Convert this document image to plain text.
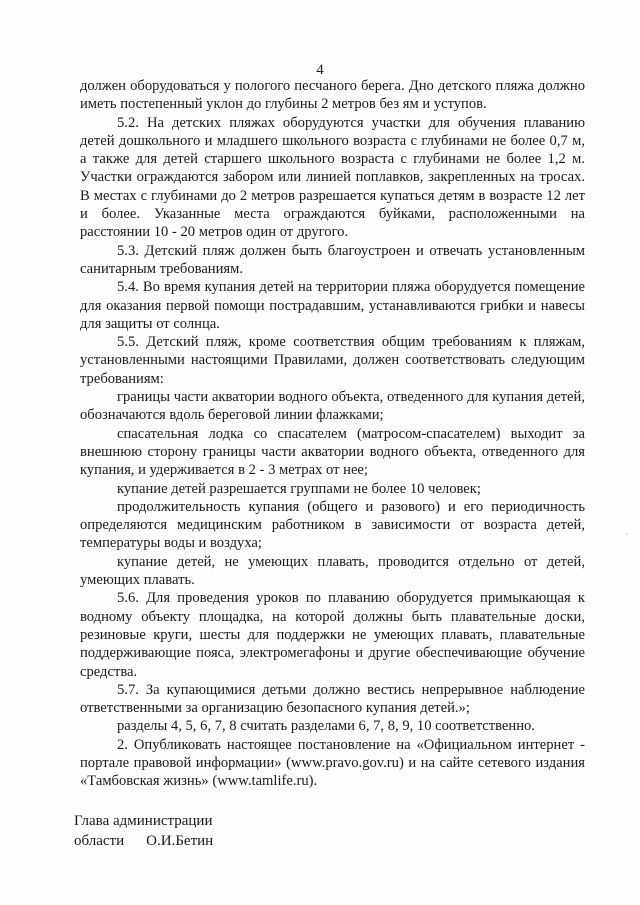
4

должен оборудоваться у пологого песчаного берега. Дно детского пляжа должно иметь постепенный уклон до глубины 2 метров без ям и уступов.

5.2. На детских пляжах оборудуются участки для обучения плаванию детей дошкольного и младшего школьного возраста с глубинами не более 0,7 м, а также для детей старшего школьного возраста с глубинами не более 1,2 м. Участки ограждаются забором или линией поплавков, закрепленных на тросах. В местах с глубинами до 2 метров разрешается купаться детям в возрасте 12 лет и более. Указанные места ограждаются буйками, расположенными на расстоянии 10 - 20 метров один от другого.

5.3. Детский пляж должен быть благоустроен и отвечать установленным санитарным требованиям.

5.4. Во время купания детей на территории пляжа оборудуется помещение для оказания первой помощи пострадавшим, устанавливаются грибки и навесы для защиты от солнца.

5.5. Детский пляж, кроме соответствия общим требованиям к пляжам, установленными настоящими Правилами, должен соответствовать следующим требованиям:

границы части акватории водного объекта, отведенного для купания детей, обозначаются вдоль береговой линии флажками;

спасательная лодка со спасателем (матросом-спасателем) выходит за внешнюю сторону границы части акватории водного объекта, отведенного для купания, и удерживается в 2 - 3 метрах от нее;

купание детей разрешается группами не более 10 человек;

продолжительность купания (общего и разового) и его периодичность определяются медицинским работником в зависимости от возраста детей, температуры воды и воздуха;

купание детей, не умеющих плавать, проводится отдельно от детей, умеющих плавать.

5.6. Для проведения уроков по плаванию оборудуется примыкающая к водному объекту площадка, на которой должны быть плавательные доски, резиновые круги, шесты для поддержки не умеющих плавать, плавательные поддерживающие пояса, электромегафоны и другие обеспечивающие обучение средства.

5.7. За купающимися детьми должно вестись непрерывное наблюдение ответственными за организацию безопасного купания детей.»;

разделы 4, 5, 6, 7, 8 считать разделами 6, 7, 8, 9, 10 соответственно.

2. Опубликовать настоящее постановление на «Официальном интернет - портале правовой информации» (www.pravo.gov.ru) и на сайте сетевого издания «Тамбовская жизнь» (www.tamlife.ru).

Глава администрации
области О.И.Бетин
·
